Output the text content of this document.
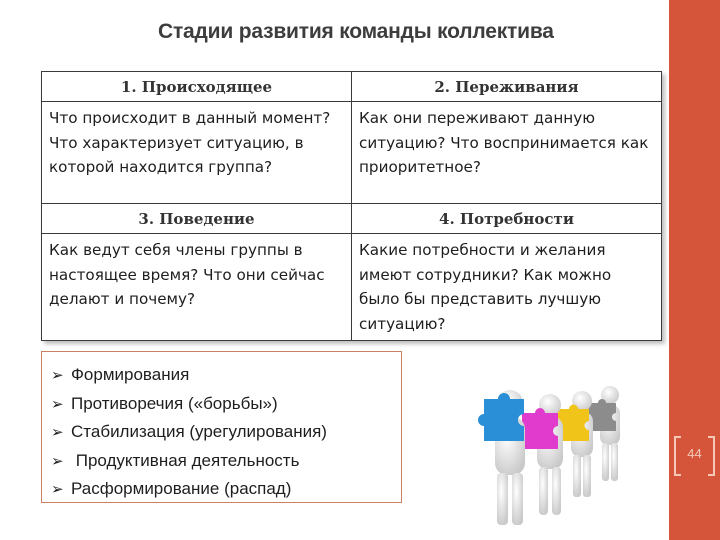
Стадии развития команды коллектива
1. Происходящее	2. Переживания
Что происходит в данный момент? Что характеризует ситуацию, в которой находится группа?	Как они переживают данную ситуацию? Что воспринимается как приоритетное?
3. Поведение	4. Потребности
Как ведут себя члены группы в настоящее время? Что они сейчас делают и почему?	Какие потребности и желания имеют сотрудники? Как можно было бы представить лучшую ситуацию?
➢ Формирования
➢ Противоречия («борьбы»)
➢ Стабилизация (урегулирования)
➢ Продуктивная деятельность
➢ Расформирование (распад)
44
